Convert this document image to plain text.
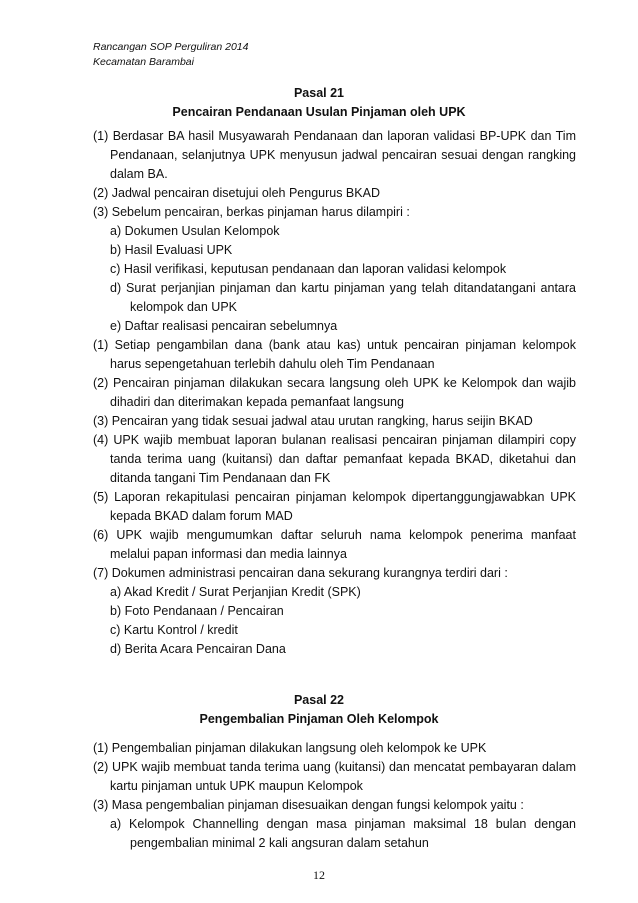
Rancangan SOP Perguliran 2014
Kecamatan Barambai
Pasal 21
Pencairan Pendanaan Usulan Pinjaman oleh UPK
(1) Berdasar BA hasil Musyawarah Pendanaan dan laporan validasi BP-UPK dan Tim
Pendanaan, selanjutnya UPK menyusun jadwal pencairan sesuai dengan rangking
dalam BA.
(2) Jadwal pencairan disetujui oleh Pengurus BKAD
(3) Sebelum pencairan, berkas pinjaman harus dilampiri :
a) Dokumen Usulan Kelompok
b) Hasil Evaluasi UPK
c) Hasil verifikasi, keputusan pendanaan dan laporan validasi kelompok
d) Surat perjanjian pinjaman dan kartu pinjaman yang telah ditandatangani antara
kelompok dan UPK
e) Daftar realisasi pencairan sebelumnya
(1) Setiap pengambilan dana (bank atau kas) untuk pencairan pinjaman kelompok
harus sepengetahuan terlebih dahulu oleh Tim Pendanaan
(2) Pencairan pinjaman dilakukan secara langsung oleh UPK ke Kelompok dan wajib
dihadiri dan diterimakan kepada pemanfaat langsung
(3) Pencairan yang tidak sesuai jadwal atau urutan rangking, harus seijin BKAD
(4) UPK wajib membuat laporan bulanan realisasi pencairan pinjaman dilampiri copy
tanda terima uang (kuitansi) dan daftar pemanfaat kepada BKAD, diketahui dan
ditanda tangani Tim Pendanaan dan FK
(5) Laporan rekapitulasi pencairan pinjaman kelompok dipertanggungjawabkan UPK
kepada BKAD dalam forum MAD
(6) UPK wajib mengumumkan daftar seluruh nama kelompok penerima manfaat
melalui papan informasi dan media lainnya
(7) Dokumen administrasi pencairan dana sekurang kurangnya terdiri dari :
a) Akad Kredit / Surat Perjanjian Kredit (SPK)
b) Foto Pendanaan / Pencairan
c) Kartu Kontrol / kredit
d) Berita Acara Pencairan Dana
Pasal 22
Pengembalian Pinjaman Oleh Kelompok
(1) Pengembalian pinjaman dilakukan langsung oleh kelompok ke UPK
(2) UPK wajib membuat tanda terima uang (kuitansi) dan mencatat pembayaran dalam
kartu pinjaman untuk UPK maupun Kelompok
(3) Masa pengembalian pinjaman disesuaikan dengan fungsi kelompok yaitu :
a) Kelompok Channelling dengan masa pinjaman maksimal 18 bulan dengan
pengembalian minimal 2 kali angsuran dalam setahun
12
